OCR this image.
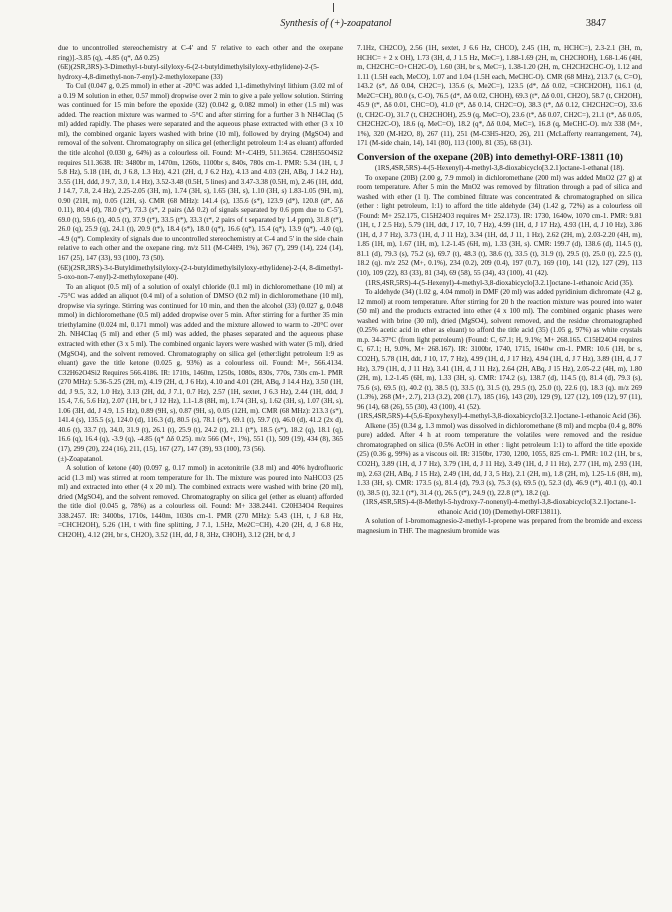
Synthesis of (+)-zoapatanol	3847

due to uncontrolled stereochemistry at C-4' and 5' relative to each other and the oxepane ring)].-3.85 (q), -4.85 (q*, Δδ 0.25)

(6E)(2SR,3RS)-3-Dimethyl-t-butyl-silyloxy-6-(2-t-butyldimethylsilyloxy-ethylidene)-2-(5-hydroxy-4,8-dimethyl-non-7-enyl)-2-methyloxepane (33)

To CuI (0.047 g, 0.25 mmol) in ether at -20°C was added 1,1-dimethylvinyl lithium (3.02 ml of a 0.19 M solution in ether, 0.57 mmol) dropwise over 2 min to give a pale yellow solution. Stirring was continued for 15 min before the epoxide (32) (0.042 g, 0.082 mmol) in ether (1.5 ml) was added. The reaction mixture was warmed to -5°C and after stirring for a further 3 h NH4Claq (5 ml) added rapidly. The phases were separated and the aqueous phase extracted with ether (3 x 10 ml), the combined organic layers washed with brine (10 ml), followed by drying (MgSO4) and removal of the solvent. Chromatography on silica gel (ether:light petroleum 1:4 as eluant) afforded the title alcohol (0.030 g, 64%) as a colourless oil. Found: M+-C4H9, 511.3654. C28H55O4Si2 requires 511.3638. IR: 3480br m, 1470m, 1260s, 1100br s, 840s, 780s cm-1. PMR: 5.34 (1H, t, J 5.8 Hz), 5.18 (1H, dt, J 6.8, 1.3 Hz), 4.21 (2H, d, J 6.2 Hz), 4.13 and 4.03 (2H, ABq, J 14.2 Hz), 3.55 (1H, ddd, J 9.7, 3.0, 1.4 Hz), 3.52-3.48 (0.5H, 5 lines) and 3.47-3.38 (0.5H, m), 2.46 (1H, ddd, J 14.7, 7.8, 2.4 Hz), 2.25-2.05 (3H, m), 1.74 (3H, s), 1.65 (3H, s), 1.10 (3H, s) 1.83-1.05 (9H, m), 0.90 (21H, m), 0.05 (12H, s). CMR (68 MHz): 141.4 (s), 135.6 (s*), 123.9 (d*), 120.8 (d*, Δδ 0.11), 80.4 (d), 78.0 (s*), 73.3 (s*, 2 pairs (Δδ 0.2) of signals separated by 0.6 ppm due to C-5'), 69.0 (t), 59.6 (t), 40.5 (t), 37.9 (t*), 33.5 (t*), 33.3 (t*, 2 pairs of t separated by 1.4 ppm), 31.8 (t*), 26.0 (q), 25.9 (q), 24.1 (t), 20.9 (t*), 18.4 (s*), 18.0 (q*), 16.6 (q*), 15.4 (q*), 13.9 (q*), -4.0 (q), -4.9 (q*). Complexity of signals due to uncontrolled stereochemistry at C-4 and 5' in the side chain relative to each other and the oxepane ring. m/z 511 (M-C4H9, 1%), 367 (7), 299 (14), 224 (14), 167 (25), 147 (33), 93 (100), 73 (50).

(6E)(2SR,3RS)-3-t-Butyldimethylsilyloxy-(2-t-butyldimethylsilyloxy-ethylidene)-2-(4, 8-dimethyl-5-oxo-non-7-enyl)-2-methyloxepane (40).

To an aliquot (0.5 ml) of a solution of oxalyl chloride (0.1 ml) in dichloromethane (10 ml) at -75°C was added an aliquot (0.4 ml) of a solution of DMSO (0.2 ml) in dichloromethane (10 ml), dropwise via syringe. Stirring was continued for 10 min, and then the alcohol (33) (0.027 g, 0.048 mmol) in dichloromethane (0.5 ml) added dropwise over 5 min. After stirring for a further 35 min triethylamine (0.024 ml, 0.171 mmol) was added and the mixture allowed to warm to -20°C over 2h. NH4Claq (5 ml) and ether (5 ml) was added, the phases separated and the aqueous phase extracted with ether (3 x 5 ml). The combined organic layers were washed with water (5 ml), dried (MgSO4), and the solvent removed. Chromatography on silica gel (ether:light petroleum 1:9 as eluant) gave the title ketone (0.025 g, 93%) as a colourless oil. Found: M+, 566.4134. C32H62O4Si2 Requires 566.4186. IR: 1710s, 1460m, 1250s, 1080s, 830s, 770s, 730s cm-1. PMR (270 MHz): 5.36-5.25 (2H, m), 4.19 (2H, d, J 6 Hz), 4.10 and 4.01 (2H, ABq, J 14.4 Hz), 3.50 (1H, dd, J 9.5, 3.2, 1.0 Hz), 3.13 (2H, dd, J 7.1, 0.7 Hz), 2.57 (1H, sextet, J 6.3 Hz), 2.44 (1H, ddd, J 15.4, 7.6, 5.6 Hz), 2.07 (1H, br t, J 12 Hz), 1.1-1.8 (8H, m), 1.74 (3H, s), 1.62 (3H, s), 1.07 (3H, s), 1.06 (3H, dd, J 4.9, 1.5 Hz), 0.89 (9H, s), 0.87 (9H, s), 0.05 (12H, m). CMR (68 MHz): 213.3 (s*), 141.4 (s), 135.5 (s), 124.0 (d), 116.3 (d), 80.5 (s), 78.1 (s*), 69.1 (t), 59.7 (t), 46.0 (d), 41.2 (2x d), 40.6 (t), 33.7 (t), 34.0, 31.9 (t), 26.1 (t), 25.9 (t), 24.2 (t), 21.1 (t*), 18.5 (s*), 18.2 (q), 18.1 (q), 16.6 (q), 16.4 (q), -3.9 (q), -4.85 (q* Δδ 0.25). m/z 566 (M+, 1%), 551 (1), 509 (19), 434 (8), 365 (17), 299 (20), 224 (16), 211, (15), 167 (27), 147 (39), 93 (100), 73 (56).

(±)-Zoapatanol.

A solution of ketone (40) (0.097 g, 0.17 mmol) in acetonitrile (3.8 ml) and 40% hydrofluoric acid (1.3 ml) was stirred at room temperature for 1h. The mixture was poured into NaHCO3 (25 ml) and extracted into ether (4 x 20 ml). The combined extracts were washed with brine (20 ml), dried (MgSO4), and the solvent removed. Chromatography on silica gel (ether as eluant) afforded the title diol (0.045 g, 78%) as a colourless oil. Found: M+ 338.2441. C20H34O4 Requires 338.2457. IR: 3400bs, 1710s, 1440m, 1030s cm-1. PMR (270 MHz): 5.43 (1H, t, J 6.8 Hz, =CHCH2OH), 5.26 (1H, t with fine splitting, J 7.1, 1.5Hz, Me2C=CH), 4.20 (2H, d, J 6.8 Hz, CH2OH), 4.12 (2H, br s, CH2O), 3.52 (1H, dd, J 8, 3Hz, CHOH), 3.12 (2H, br d, J

7.1Hz, CH2CO), 2.56 (1H, sextet, J 6.6 Hz, CHCO), 2.45 (1H, m, HCHC=), 2.3-2.1 (3H, m, HCHC= + 2 x OH), 1.73 (3H, d, J 1.5 Hz, MeC=), 1.88-1.69 (2H, m, CH2CHOH), 1.68-1.46 (4H, m, CH2CHC=O+CH2C-O), 1.60 (3H, br s, MeC=), 1.38-1.20 (2H, m, CH2CH2CHC-O), 1.12 and 1.11 (1.5H each, MeCO), 1.07 and 1.04 (1.5H each, MeCHC-O). CMR (68 MHz), 213.7 (s, C=O), 143.2 (s*, Δδ 0.04, CH2C=), 135.6 (s, Me2C=), 123.5 (d*, Δδ 0.02, =CHCH2OH), 116.1 (d, Me2C=CH), 80.0 (s, C-O), 76.5 (d*, Δδ 0.02, CHOH), 69.3 (t*, Δδ 0.01, CH2O), 58.7 (t, CH2OH), 45.9 (t*, Δδ 0.01, CHC=O), 41.0 (t*, Δδ 0.14, CH2C=O), 38.3 (t*, Δδ 0.12, CH2CH2C=O), 33.6 (t, CH2C-O), 31.7 (t, CH2CHOH), 25.9 (q, MeC=O), 23.6 (t*, Δδ 0.07, CH2C=), 21.1 (t*, Δδ 0.05, CH2CH2C-O), 18.6 (q, MeC=O), 18.2 (q*, Δδ 0.04, MeC=), 16.8 (q, MeCHC-O). m/z 338 (M+, 1%), 320 (M-H2O, 8), 267 (11), 251 (M-C3H5-H2O, 26), 211 (McLafferty rearrangement, 74), 171 (M-side chain, 14), 141 (80), 113 (100), 81 (35), 68 (31).

Conversion of the oxepane (20B) into demethyl-ORF-13811 (10)

(1RS,4SR,5RS)-4-(5-Hexenyl)-4-methyl-3,8-dioxabicyclo[3.2.1]octane-1-ethanal (18).

To oxepane (20B) (2.00 g, 7.9 mmol) in dichloromethane (200 ml) was added MnO2 (27 g) at room temperature. After 5 min the MnO2 was removed by filtration through a pad of silica and washed with ether (1 l). The combined filtrate was concentrated & chromatographed on silica (ether : light petroleum, 1:1) to afford the title aldehyde (34) (1.42 g, 72%) as a colourless oil (Found: M+ 252.175, C15H24O3 requires M+ 252.173). IR: 1730, 1640w, 1070 cm-1. PMR: 9.81 (1H, t, J 2.5 Hz), 5.79 (1H, ddt, J 17, 10, 7 Hz), 4.99 (1H, d, J 17 Hz), 4.93 (1H, d, J 10 Hz), 3.86 (1H, d, J 7 Hz), 3.73 (1H, d, J 11 Hz), 3.34 (1H, dd, J 11, 1 Hz), 2.62 (2H, m), 2.03-2.20 (4H, m), 1.85 (1H, m), 1.67 (1H, m), 1.2-1.45 (6H, m), 1.33 (3H, s). CMR: 199.7 (d), 138.6 (d), 114.5 (t), 81.1 (d), 79.3 (s), 75.2 (s), 69.7 (t), 48.3 (t), 38.6 (t), 33.5 (t), 31.9 (t), 29.5 (t), 25.0 (t), 22.5 (t), 18.2 (q). m/z 252 (M+, 0.1%), 234 (0.2), 209 (0.4), 197 (0.7), 169 (10), 141 (12), 127 (29), 113 (10), 109 (22), 83 (33), 81 (34), 69 (58), 55 (34), 43 (100), 41 (42).

(1RS,4SR,5RS)-4-(5-Hexenyl)-4-methyl-3,8-dioxabicyclo[3.2.1]octane-1-ethanoic Acid (35).

To aldehyde (34) (1.02 g, 4.04 mmol) in DMF (20 ml) was added pyridinium dichromate (4.2 g, 12 mmol) at room temperature. After stirring for 20 h the reaction mixture was poured into water (50 ml) and the products extracted into ether (4 x 100 ml). The combined organic phases were washed with brine (30 ml), dried (MgSO4), solvent removed, and the residue chromatographed (0.25% acetic acid in ether as eluant) to afford the title acid (35) (1.05 g, 97%) as white crystals m.p. 34-37°C (from light petroleum) (Found: C, 67.1; H, 9.1%; M+ 268.165. C15H24O4 requires C, 67.1; H, 9.0%, M+ 268.167). IR: 3100br, 1740, 1715, 1640w cm-1. PMR: 10.6 (1H, br s, CO2H), 5.78 (1H, ddt, J 10, 17, 7 Hz), 4.99 (1H, d, J 17 Hz), 4.94 (1H, d, J 7 Hz), 3.89 (1H, d, J 7 Hz), 3.79 (1H, d, J 11 Hz), 3.41 (1H, d, J 11 Hz), 2.64 (2H, ABq, J 15 Hz), 2.05-2.2 (4H, m), 1.80 (2H, m), 1.2-1.45 (6H, m), 1.33 (3H, s). CMR: 174.2 (s), 138.7 (d), 114.5 (t), 81.4 (d), 79.3 (s), 75.6 (s), 69.5 (t), 40.2 (t), 38.5 (t), 33.5 (t), 31.5 (t), 29.5 (t), 25.0 (t), 22.6 (t), 18.3 (q). m/z 269 (1.3%), 268 (M+, 2.7), 213 (3.2), 208 (1.7), 185 (16), 143 (20), 129 (9), 127 (12), 109 (12), 97 (11), 96 (14), 68 (26), 55 (30), 43 (100), 41 (52).

(1RS,4SR,5RS)-4-(5,6-Epoxyhexyl)-4-methyl-3,8-dioxabicyclo[3.2.1]octane-1-ethanoic Acid (36).

Alkene (35) (0.34 g, 1.3 mmol) was dissolved in dichloromethane (8 ml) and mcpba (0.4 g, 80% pure) added. After 4 h at room temperature the volatiles were removed and the residue chromatographed on silica (0.5% AcOH in ether : light petroleum 1:1) to afford the title epoxide (25) (0.36 g, 99%) as a viscous oil. IR: 3150br, 1730, 1200, 1055, 825 cm-1. PMR: 10.2 (1H, br s, CO2H), 3.89 (1H, d, J 7 Hz), 3.79 (1H, d, J 11 Hz), 3.49 (1H, d, J 11 Hz), 2.77 (1H, m), 2.93 (1H, m), 2.63 (2H, ABq, J 15 Hz), 2.49 (1H, dd, J 3, 5 Hz), 2.1 (2H, m), 1.8 (2H, m), 1.25-1.6 (8H, m), 1.33 (3H, s). CMR: 173.5 (s), 81.4 (d), 79.3 (s), 75.3 (s), 69.5 (t), 52.3 (d), 46.9 (t*), 40.1 (t), 40.1 (t), 38.5 (t), 32.1 (t*), 31.4 (t), 26.5 (t*), 24.9 (t), 22.8 (t*), 18.2 (q).

(1RS,4SR,5RS)-4-(8-Methyl-5-hydroxy-7-nonenyl)-4-methyl-3,8-dioxabicyclo[3.2.1]octane-1-ethanoic Acid (10) (Demethyl-ORF13811).

A solution of 1-bromomagnesio-2-methyl-1-propene was prepared from the bromide and excess magnesium in THF. The magnesium bromide was
